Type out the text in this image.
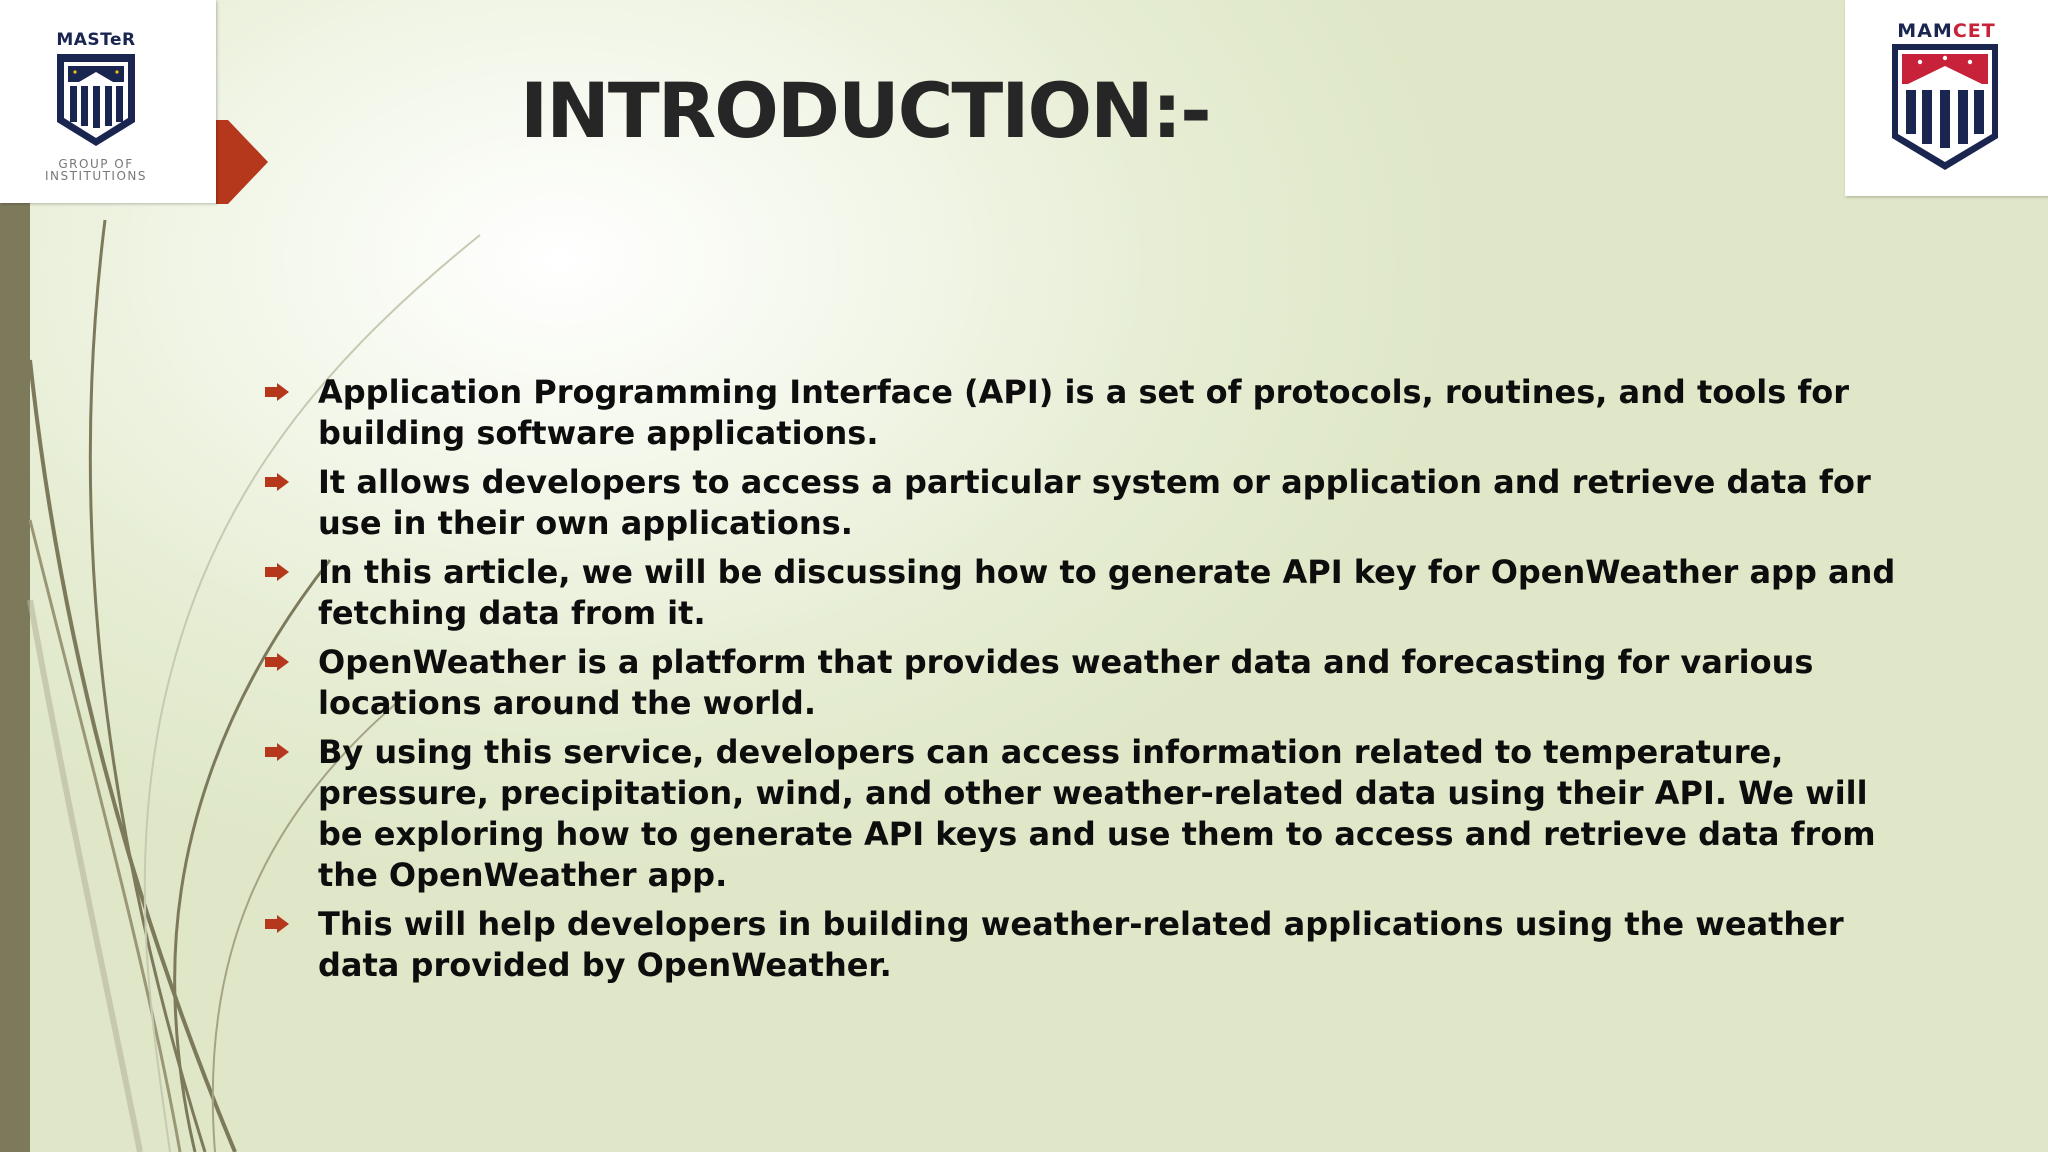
MASTeR
GROUP OF
INSTITUTIONS
MAMCET
INTRODUCTION:-
Application Programming Interface (API) is a set of protocols, routines, and tools for building software applications.
It allows developers to access a particular system or application and retrieve data for use in their own applications.
In this article, we will be discussing how to generate API key for OpenWeather app and fetching data from it.
OpenWeather is a platform that provides weather data and forecasting for various locations around the world.
By using this service, developers can access information related to temperature, pressure, precipitation, wind, and other weather-related data using their API. We will be exploring how to generate API keys and use them to access and retrieve data from the OpenWeather app.
This will help developers in building weather-related applications using the weather data provided by OpenWeather.
